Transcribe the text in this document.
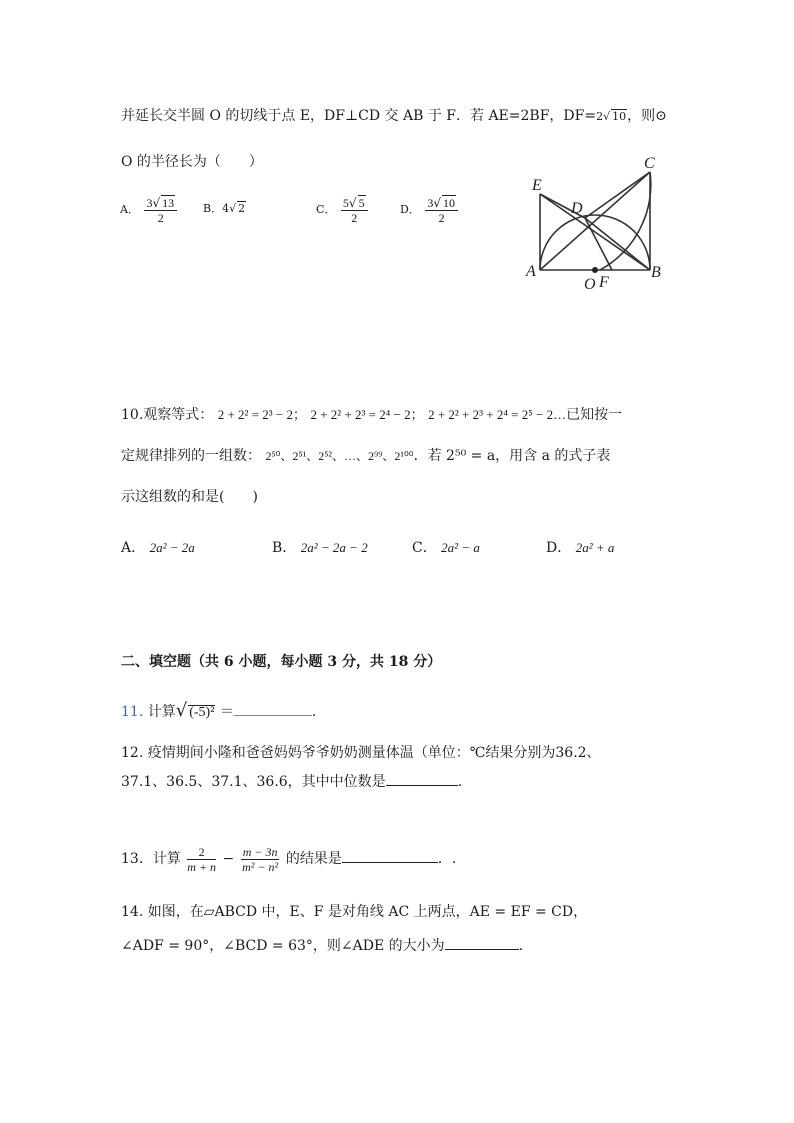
并延长交半圆 O 的切线于点 E，DF⊥CD 交 AB 于 F．若 AE=2BF，DF=2√ 10，则⊙
O 的半径长为（　　）
A． $\frac{3√ 13}{2}$ B．4√ 2	C． $\frac{5√ 5}{2}$	D． $\frac{3√ 10}{2}$
E
C
D
A
O F
B
10.观察等式： 2 + 2² = 2³ − 2； 2 + 2² + 2³ = 2⁴ − 2； 2 + 2² + 2³ + 2⁴ = 2⁵ − 2…已知按一
定规律排列的一组数： 2⁵⁰、2⁵¹、2⁵²、…、2⁹⁹、2¹⁰⁰．若 2⁵⁰ = a，用含 a 的式子表
示这组数的和是(　　)
A． 2a² − 2a	B． 2a² − 2a − 2	C． 2a² − a	D． 2a² + a
二、填空题（共 6 小题，每小题 3 分，共 18 分）
11. 计算√ (-5)² ＝	.
12. 疫情期间小隆和爸爸妈妈爷爷奶奶测量体温（单位：℃结果分别为36.2、
37.1、36.5、37.1、36.6，其中中位数是	.
13．计算 $\frac{2}{m + n} - \frac{m - 3n}{\text{m² − n²}}$ 的结果是	．.
14. 如图，在▱ABCD 中，E、F 是对角线 AC 上两点，AE = EF = CD，
∠ADF = 90°，∠BCD = 63°，则∠ADE 的大小为	.
